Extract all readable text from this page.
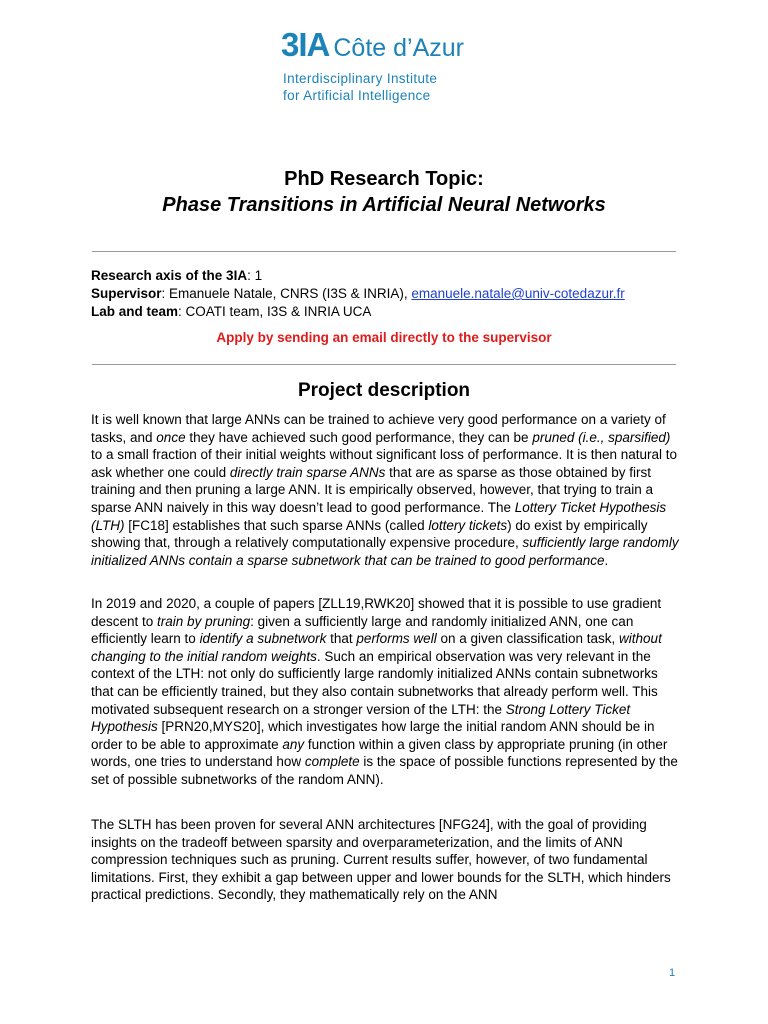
3IA Côte d’Azur
Interdisciplinary Institute
for Artificial Intelligence
PhD Research Topic:
Phase Transitions in Artificial Neural Networks
Research axis of the 3IA: 1
Supervisor: Emanuele Natale, CNRS (I3S & INRIA), emanuele.natale@univ-cotedazur.fr
Lab and team: COATI team, I3S & INRIA UCA
Apply by sending an email directly to the supervisor
Project description
It is well known that large ANNs can be trained to achieve very good performance on a variety of tasks, and once they have achieved such good performance, they can be pruned (i.e., sparsified) to a small fraction of their initial weights without significant loss of performance. It is then natural to ask whether one could directly train sparse ANNs that are as sparse as those obtained by first training and then pruning a large ANN. It is empirically observed, however, that trying to train a sparse ANN naively in this way doesn’t lead to good performance. The Lottery Ticket Hypothesis (LTH) [FC18] establishes that such sparse ANNs (called lottery tickets) do exist by empirically showing that, through a relatively computationally expensive procedure, sufficiently large randomly initialized ANNs contain a sparse subnetwork that can be trained to good performance.
In 2019 and 2020, a couple of papers [ZLL19,RWK20] showed that it is possible to use gradient descent to train by pruning: given a sufficiently large and randomly initialized ANN, one can efficiently learn to identify a subnetwork that performs well on a given classification task, without changing to the initial random weights. Such an empirical observation was very relevant in the context of the LTH: not only do sufficiently large randomly initialized ANNs contain subnetworks that can be efficiently trained, but they also contain subnetworks that already perform well. This motivated subsequent research on a stronger version of the LTH: the Strong Lottery Ticket Hypothesis [PRN20,MYS20], which investigates how large the initial random ANN should be in order to be able to approximate any function within a given class by appropriate pruning (in other words, one tries to understand how complete is the space of possible functions represented by the set of possible subnetworks of the random ANN).
The SLTH has been proven for several ANN architectures [NFG24], with the goal of providing insights on the tradeoff between sparsity and overparameterization, and the limits of ANN compression techniques such as pruning. Current results suffer, however, of two fundamental limitations. First, they exhibit a gap between upper and lower bounds for the SLTH, which hinders practical predictions. Secondly, they mathematically rely on the ANN
1
